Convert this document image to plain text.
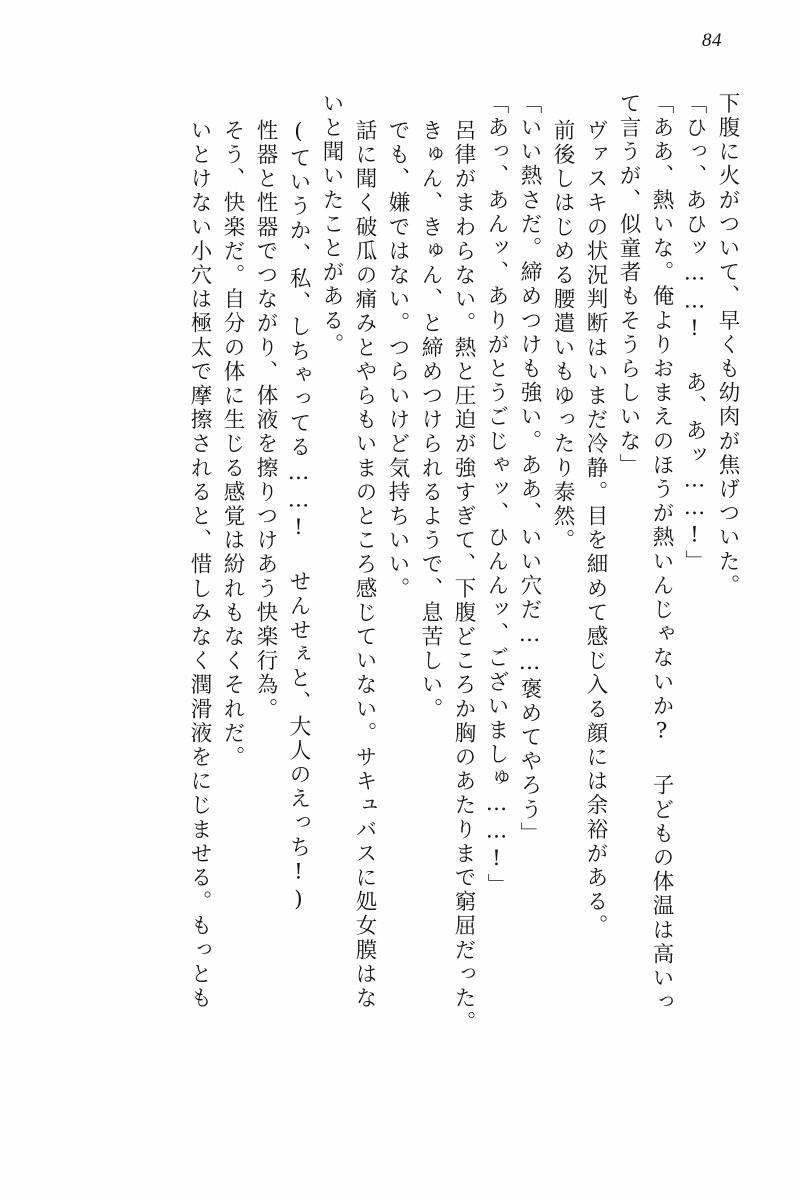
84
下腹に火がついて、早くも幼肉が焦げついた。
「ひっ、あひッ……! あ、あッ……!」
「ああ、熱いな。俺よりおまえのほうが熱いんじゃないか? 子どもの体温は高いっ
て言うが、似童者もそうらしいな」
ヴァスキの状況判断はいまだ冷静。目を細めて感じ入る顔には余裕がある。
前後しはじめる腰遣いもゆったり泰然。
「いい熱さだ。締めつけも強い。ああ、いい穴だ……褒めてやろう」
「あっ、あんッ、ありがとうごじゃッ、ひんんッ、ございましゅ……!」
呂律がまわらない。熱と圧迫が強すぎて、下腹どころか胸のあたりまで窮屈だった。
きゅん、きゅん、と締めつけられるようで、息苦しい。
でも、嫌ではない。つらいけど気持ちいい。
話に聞く破瓜の痛みとやらもいまのところ感じていない。サキュバスに処女膜はな
いと聞いたことがある。
(ていうか、私、しちゃってる……! せんせぇと、大人のえっち!)
性器と性器でつながり、体液を擦りつけあう快楽行為。
そう、快楽だ。自分の体に生じる感覚は紛れもなくそれだ。
いとけない小穴は極太で摩擦されると、惜しみなく潤滑液をにじませる。もっとも
